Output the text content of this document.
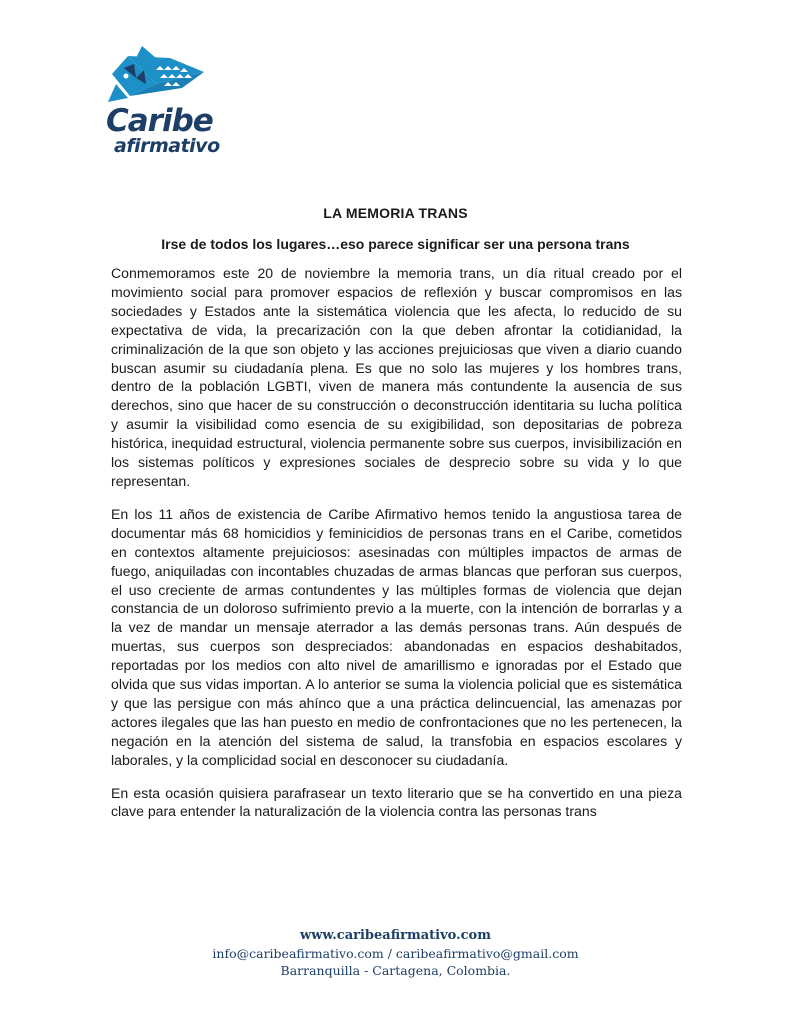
Caribe
afirmativo
LA MEMORIA TRANS
Irse de todos los lugares…eso parece significar ser una persona trans

Conmemoramos este 20 de noviembre la memoria trans, un día ritual creado por el movimiento social para promover espacios de reflexión y buscar compromisos en las sociedades y Estados ante la sistemática violencia que les afecta, lo reducido de su expectativa de vida, la precarización con la que deben afrontar la cotidianidad, la criminalización de la que son objeto y las acciones prejuiciosas que viven a diario cuando buscan asumir su ciudadanía plena. Es que no solo las mujeres y los hombres trans, dentro de la población LGBTI, viven de manera más contundente la ausencia de sus derechos, sino que hacer de su construcción o deconstrucción identitaria su lucha política y asumir la visibilidad como esencia de su exigibilidad, son depositarias de pobreza histórica, inequidad estructural, violencia permanente sobre sus cuerpos, invisibilización en los sistemas políticos y expresiones sociales de desprecio sobre su vida y lo que representan.

En los 11 años de existencia de Caribe Afirmativo hemos tenido la angustiosa tarea de documentar más 68 homicidios y feminicidios de personas trans en el Caribe, cometidos en contextos altamente prejuiciosos: asesinadas con múltiples impactos de armas de fuego, aniquiladas con incontables chuzadas de armas blancas que perforan sus cuerpos, el uso creciente de armas contundentes y las múltiples formas de violencia que dejan constancia de un doloroso sufrimiento previo a la muerte, con la intención de borrarlas y a la vez de mandar un mensaje aterrador a las demás personas trans. Aún después de muertas, sus cuerpos son despreciados: abandonadas en espacios deshabitados, reportadas por los medios con alto nivel de amarillismo e ignoradas por el Estado que olvida que sus vidas importan. A lo anterior se suma la violencia policial que es sistemática y que las persigue con más ahínco que a una práctica delincuencial, las amenazas por actores ilegales que las han puesto en medio de confrontaciones que no les pertenecen, la negación en la atención del sistema de salud, la transfobia en espacios escolares y laborales, y la complicidad social en desconocer su ciudadanía.

En esta ocasión quisiera parafrasear un texto literario que se ha convertido en una pieza clave para entender la naturalización de la violencia contra las personas trans

www.caribeafirmativo.com
info@caribeafirmativo.com / caribeafirmativo@gmail.com
Barranquilla - Cartagena, Colombia.
